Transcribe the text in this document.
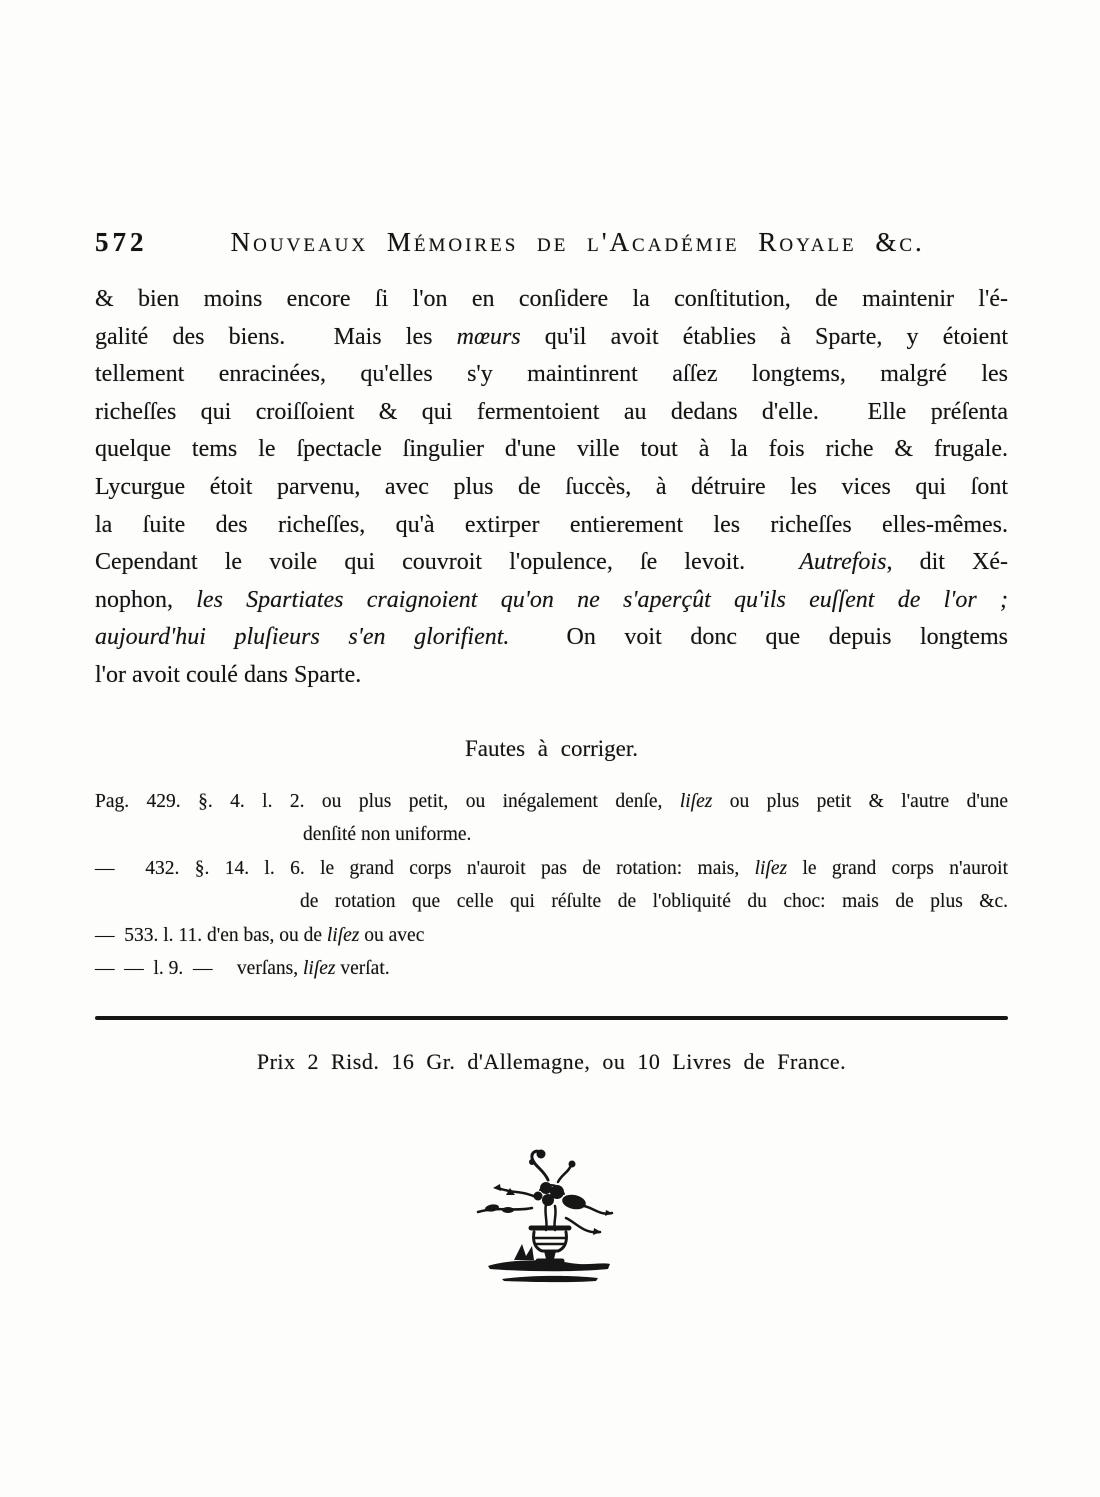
572	Nouveaux Mémoires de l'Académie Royale &c.
& bien moins encore ſi l'on en conſidere la conſtitution, de maintenir l'é-
galité des biens.  Mais les mœurs qu'il avoit établies à Sparte, y étoient
tellement enracinées, qu'elles s'y maintinrent aſſez longtems, malgré les
richeſſes qui croiſſoient & qui fermentoient au dedans d'elle.  Elle préſenta
quelque tems le ſpectacle ſingulier d'une ville tout à la fois riche & frugale.
Lycurgue étoit parvenu, avec plus de ſuccès, à détruire les vices qui ſont
la ſuite des richeſſes, qu'à extirper entierement les richeſſes elles-mêmes.
Cependant le voile qui couvroit l'opulence, ſe levoit.  Autrefois, dit Xé-
nophon, les Spartiates craignoient qu'on ne s'aperçût qu'ils euſſent de l'or ;
aujourd'hui pluſieurs s'en glorifient.  On voit donc que depuis longtems
l'or avoit coulé dans Sparte.
Fautes à corriger.
Pag. 429. §. 4. l. 2. ou plus petit, ou inégalement denſe, liſez ou plus petit & l'autre d'une
denſité non uniforme.
—  432. §. 14. l. 6. le grand corps n'auroit pas de rotation: mais, liſez le grand corps n'auroit
de rotation que celle qui réſulte de l'obliquité du choc: mais de plus &c.
—  533. l. 11. d'en bas, ou de liſez ou avec
—  —  l. 9.  —     verſans, liſez verſat.
Prix 2 Risd. 16 Gr. d'Allemagne, ou 10 Livres de France.
